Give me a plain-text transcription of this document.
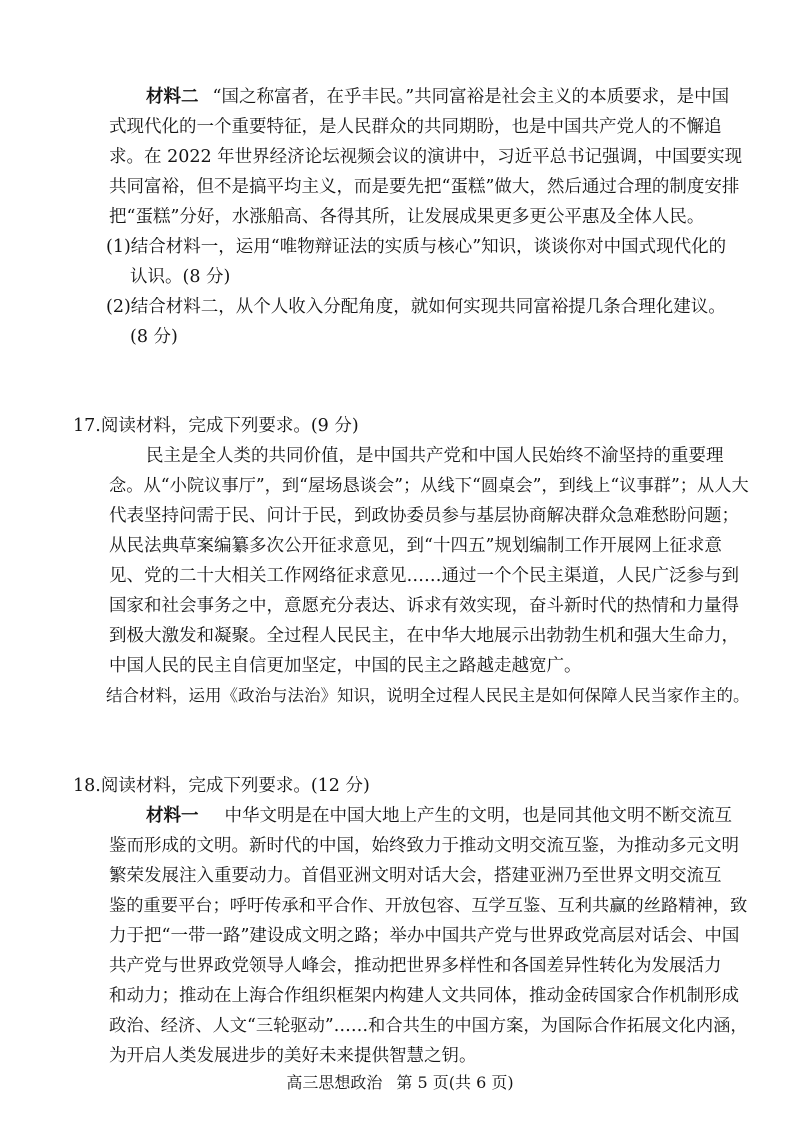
材料二 “国之称富者，在乎丰民。”共同富裕是社会主义的本质要求，是中国
式现代化的一个重要特征，是人民群众的共同期盼，也是中国共产党人的不懈追
求。在 2022 年世界经济论坛视频会议的演讲中，习近平总书记强调，中国要实现
共同富裕，但不是搞平均主义，而是要先把“蛋糕”做大，然后通过合理的制度安排
把“蛋糕”分好，水涨船高、各得其所，让发展成果更多更公平惠及全体人民。
(1)结合材料一，运用“唯物辩证法的实质与核心”知识，谈谈你对中国式现代化的
认识。(8 分)
(2)结合材料二，从个人收入分配角度，就如何实现共同富裕提几条合理化建议。
(8 分)
17.阅读材料，完成下列要求。(9 分)
民主是全人类的共同价值，是中国共产党和中国人民始终不渝坚持的重要理
念。从“小院议事厅”，到“屋场恳谈会”；从线下“圆桌会”，到线上“议事群”；从人大
代表坚持问需于民、问计于民，到政协委员参与基层协商解决群众急难愁盼问题；
从民法典草案编纂多次公开征求意见，到“十四五”规划编制工作开展网上征求意
见、党的二十大相关工作网络征求意见……通过一个个民主渠道，人民广泛参与到
国家和社会事务之中，意愿充分表达、诉求有效实现，奋斗新时代的热情和力量得
到极大激发和凝聚。全过程人民民主，在中华大地展示出勃勃生机和强大生命力，
中国人民的民主自信更加坚定，中国的民主之路越走越宽广。
结合材料，运用《政治与法治》知识，说明全过程人民民主是如何保障人民当家作主的。
18.阅读材料，完成下列要求。(12 分)
材料一 中华文明是在中国大地上产生的文明，也是同其他文明不断交流互
鉴而形成的文明。新时代的中国，始终致力于推动文明交流互鉴，为推动多元文明
繁荣发展注入重要动力。首倡亚洲文明对话大会，搭建亚洲乃至世界文明交流互
鉴的重要平台；呼吁传承和平合作、开放包容、互学互鉴、互利共赢的丝路精神，致
力于把“一带一路”建设成文明之路；举办中国共产党与世界政党高层对话会、中国
共产党与世界政党领导人峰会，推动把世界多样性和各国差异性转化为发展活力
和动力；推动在上海合作组织框架内构建人文共同体，推动金砖国家合作机制形成
政治、经济、人文“三轮驱动”……和合共生的中国方案，为国际合作拓展文化内涵，
为开启人类发展进步的美好未来提供智慧之钥。
高三思想政治 第 5 页(共 6 页)
